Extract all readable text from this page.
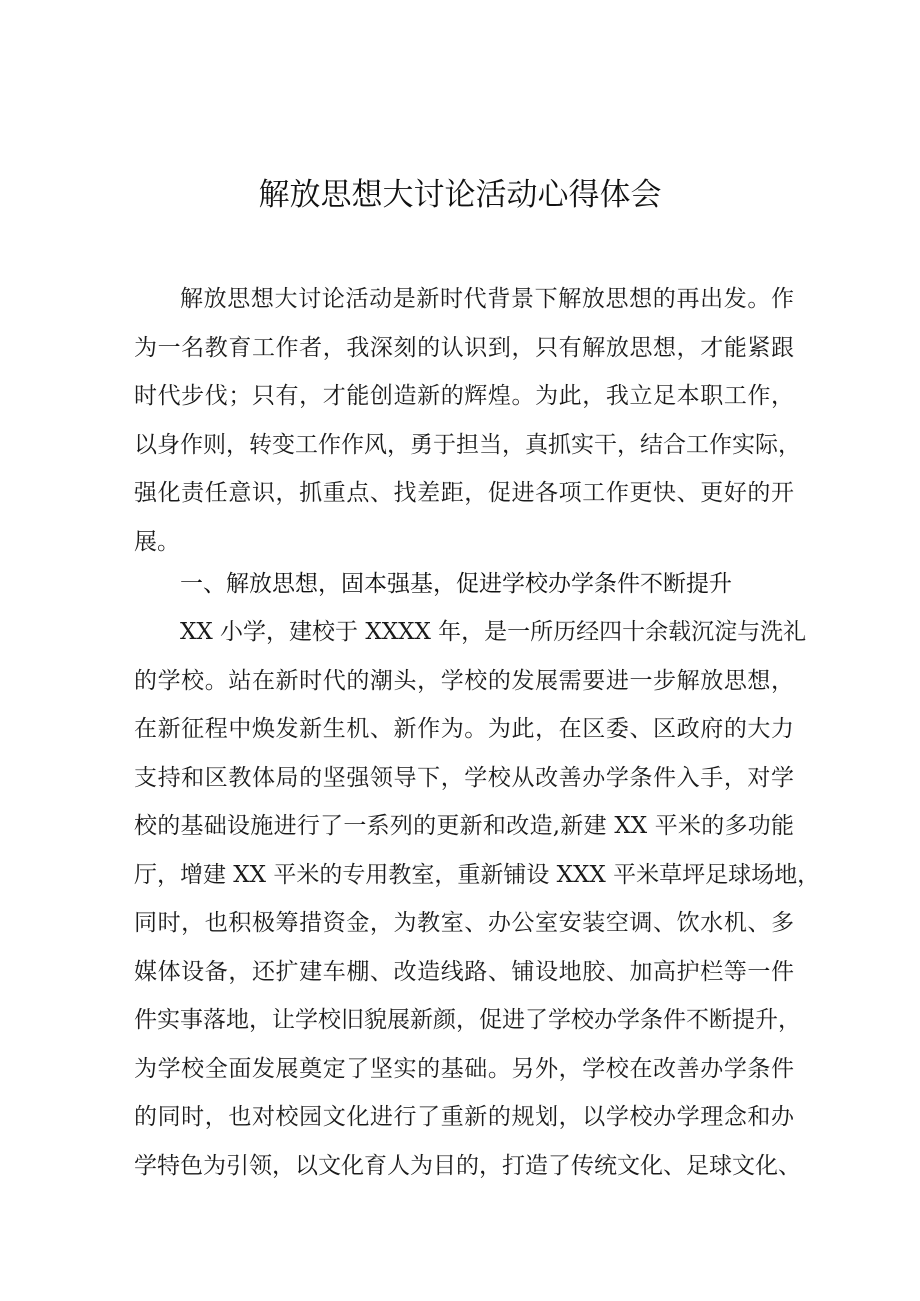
解放思想大讨论活动心得体会
解放思想大讨论活动是新时代背景下解放思想的再出发。作
为一名教育工作者，我深刻的认识到，只有解放思想，才能紧跟
时代步伐；只有，才能创造新的辉煌。为此，我立足本职工作，
以身作则，转变工作作风，勇于担当，真抓实干，结合工作实际，
强化责任意识，抓重点、找差距，促进各项工作更快、更好的开
展。
一、解放思想，固本强基，促进学校办学条件不断提升
XX 小学，建校于 XXXX 年，是一所历经四十余载沉淀与洗礼
的学校。站在新时代的潮头，学校的发展需要进一步解放思想，
在新征程中焕发新生机、新作为。为此，在区委、区政府的大力
支持和区教体局的坚强领导下，学校从改善办学条件入手，对学
校的基础设施进行了一系列的更新和改造,新建 XX 平米的多功能
厅，增建 XX 平米的专用教室，重新铺设 XXX 平米草坪足球场地，
同时，也积极筹措资金，为教室、办公室安装空调、饮水机、多
媒体设备，还扩建车棚、改造线路、铺设地胶、加高护栏等一件
件实事落地，让学校旧貌展新颜，促进了学校办学条件不断提升，
为学校全面发展奠定了坚实的基础。另外，学校在改善办学条件
的同时，也对校园文化进行了重新的规划，以学校办学理念和办
学特色为引领，以文化育人为目的，打造了传统文化、足球文化、
